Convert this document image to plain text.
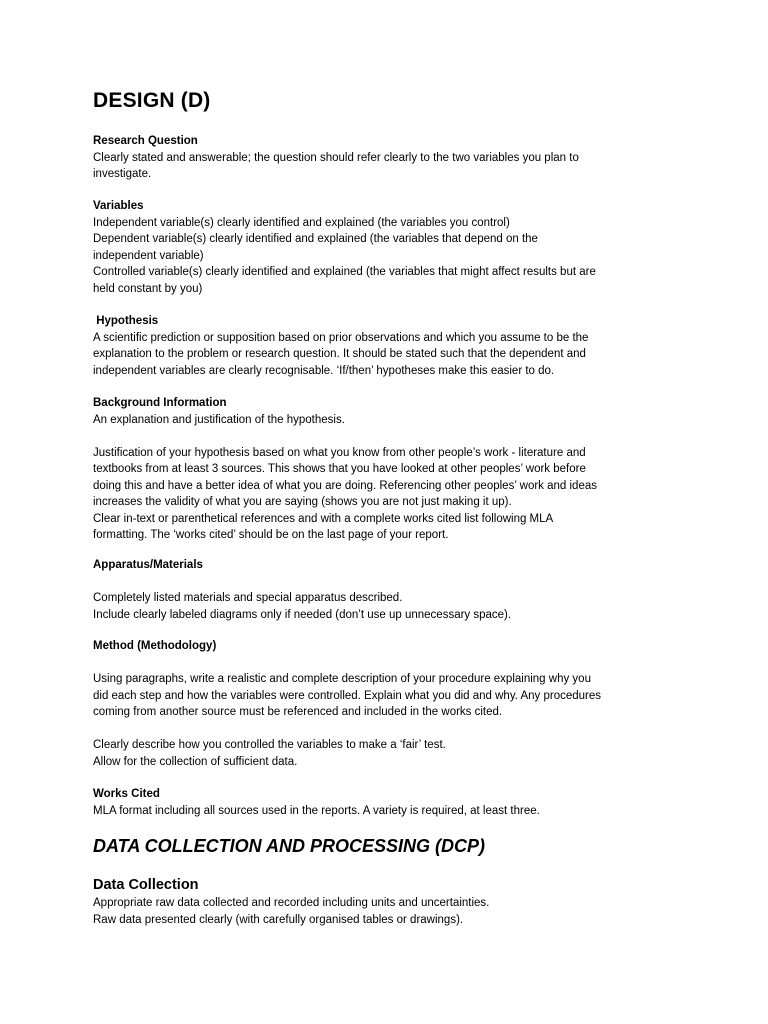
DESIGN (D)
Research Question
Clearly stated and answerable; the question should refer clearly to the two variables you plan to
investigate.
Variables
Independent variable(s) clearly identified and explained (the variables you control)
Dependent variable(s) clearly identified and explained (the variables that depend on the
independent variable)
Controlled variable(s) clearly identified and explained (the variables that might affect results but are
held constant by you)
Hypothesis
A scientific prediction or supposition based on prior observations and which you assume to be the
explanation to the problem or research question. It should be stated such that the dependent and
independent variables are clearly recognisable. ‘If/then’ hypotheses make this easier to do.
Background Information
An explanation and justification of the hypothesis.
Justification of your hypothesis based on what you know from other people’s work - literature and
textbooks from at least 3 sources. This shows that you have looked at other peoples’ work before
doing this and have a better idea of what you are doing. Referencing other peoples’ work and ideas
increases the validity of what you are saying (shows you are not just making it up).
Clear in-text or parenthetical references and with a complete works cited list following MLA
formatting. The ‘works cited’ should be on the last page of your report.
Apparatus/Materials
Completely listed materials and special apparatus described.
Include clearly labeled diagrams only if needed (don’t use up unnecessary space).
Method (Methodology)
Using paragraphs, write a realistic and complete description of your procedure explaining why you
did each step and how the variables were controlled. Explain what you did and why. Any procedures
coming from another source must be referenced and included in the works cited.
Clearly describe how you controlled the variables to make a ‘fair’ test.
Allow for the collection of sufficient data.
Works Cited
MLA format including all sources used in the reports. A variety is required, at least three.
DATA COLLECTION AND PROCESSING (DCP)
Data Collection
Appropriate raw data collected and recorded including units and uncertainties.
Raw data presented clearly (with carefully organised tables or drawings).
